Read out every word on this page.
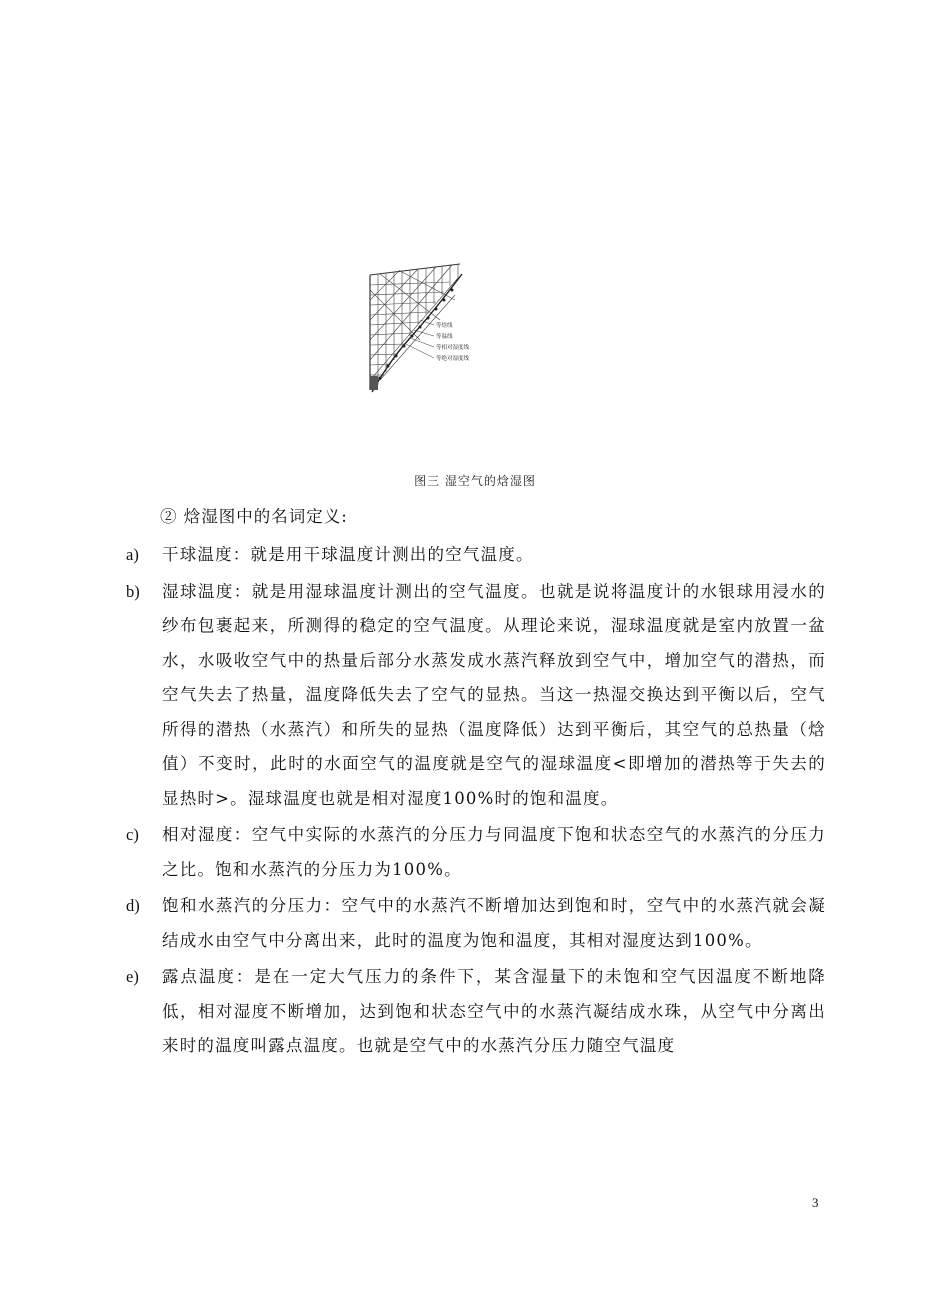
等焓线
等温线
等相对湿度线
等绝对湿度线
图三 湿空气的焓湿图
② 焓湿图中的名词定义:
a) 干球温度：就是用干球温度计测出的空气温度。
b) 湿球温度：就是用湿球温度计测出的空气温度。也就是说将温度计的水银球用浸水的纱布包裹起来，所测得的稳定的空气温度。从理论来说，湿球温度就是室内放置一盆水，水吸收空气中的热量后部分水蒸发成水蒸汽释放到空气中，增加空气的潜热，而空气失去了热量，温度降低失去了空气的显热。当这一热湿交换达到平衡以后，空气所得的潜热（水蒸汽）和所失的显热（温度降低）达到平衡后，其空气的总热量（焓值）不变时，此时的水面空气的温度就是空气的湿球温度<即增加的潜热等于失去的显热时>。湿球温度也就是相对湿度100%时的饱和温度。
c) 相对湿度：空气中实际的水蒸汽的分压力与同温度下饱和状态空气的水蒸汽的分压力之比。饱和水蒸汽的分压力为100%。
d) 饱和水蒸汽的分压力：空气中的水蒸汽不断增加达到饱和时，空气中的水蒸汽就会凝结成水由空气中分离出来，此时的温度为饱和温度，其相对湿度达到100%。
e) 露点温度：是在一定大气压力的条件下，某含湿量下的未饱和空气因温度不断地降低，相对湿度不断增加，达到饱和状态空气中的水蒸汽凝结成水珠，从空气中分离出来时的温度叫露点温度。也就是空气中的水蒸汽分压力随空气温度
3
